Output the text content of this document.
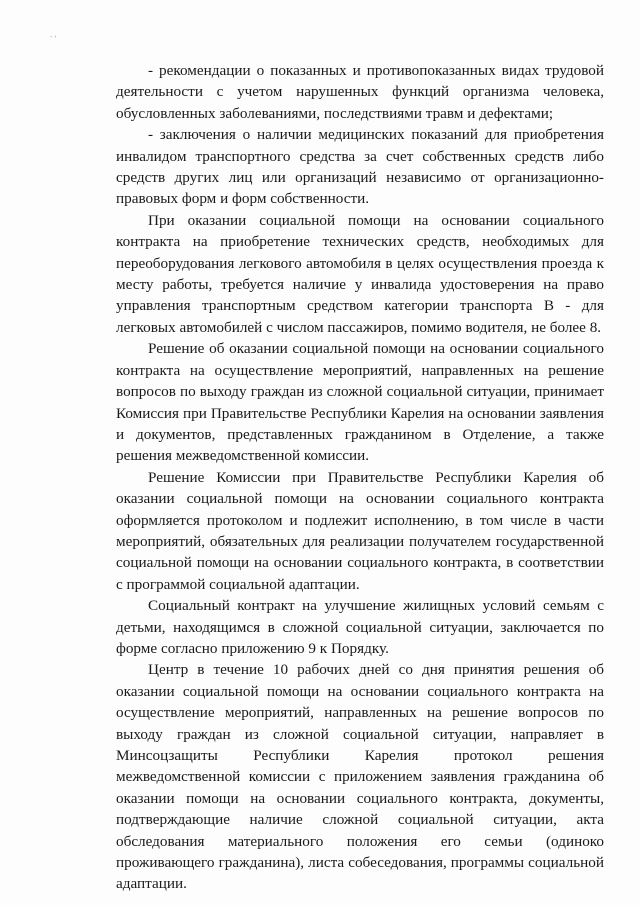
‧ ˒

- рекомендации о показанных и противопоказанных видах трудовой деятельности с учетом нарушенных функций организма человека, обусловленных заболеваниями, последствиями травм и дефектами;

- заключения о наличии медицинских показаний для приобретения инвалидом транспортного средства за счет собственных средств либо средств других лиц или организаций независимо от организационно-правовых форм и форм собственности.

При оказании социальной помощи на основании социального контракта на приобретение технических средств, необходимых для переоборудования легкового автомобиля в целях осуществления проезда к месту работы, требуется наличие у инвалида удостоверения на право управления транспортным средством категории транспорта В - для легковых автомобилей с числом пассажиров, помимо водителя, не более 8.

Решение об оказании социальной помощи на основании социального контракта на осуществление мероприятий, направленных на решение вопросов по выходу граждан из сложной социальной ситуации, принимает Комиссия при Правительстве Республики Карелия на основании заявления и документов, представленных гражданином в Отделение, а также решения межведомственной комиссии.

Решение Комиссии при Правительстве Республики Карелия об оказании социальной помощи на основании социального контракта оформляется протоколом и подлежит исполнению, в том числе в части мероприятий, обязательных для реализации получателем государственной социальной помощи на основании социального контракта, в соответствии с программой социальной адаптации.

Социальный контракт на улучшение жилищных условий семьям с детьми, находящимся в сложной социальной ситуации, заключается по форме согласно приложению 9 к Порядку.

Центр в течение 10 рабочих дней со дня принятия решения об оказании социальной помощи на основании социального контракта на осуществление мероприятий, направленных на решение вопросов по выходу граждан из сложной социальной ситуации, направляет в Минсоцзащиты Республики Карелия протокол решения межведомственной комиссии с приложением заявления гражданина об оказании помощи на основании социального контракта, документы, подтверждающие наличие сложной социальной ситуации, акта обследования материального положения его семьи (одиноко проживающего гражданина), листа собеседования, программы социальной адаптации.
